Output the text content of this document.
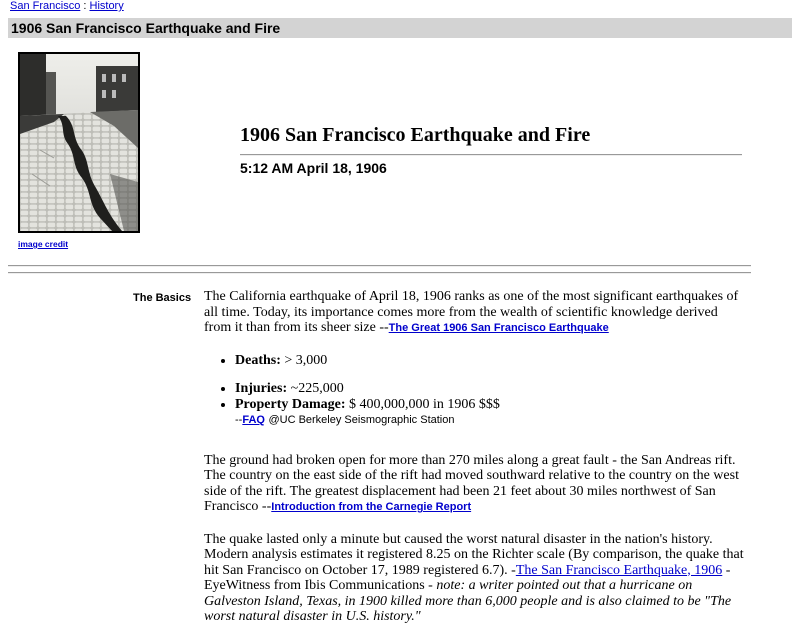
San Francisco : History
1906 San Francisco Earthquake and Fire
image credit
1906 San Francisco Earthquake and Fire
5:12 AM April 18, 1906
The Basics The California earthquake of April 18, 1906 ranks as one of the most significant earthquakes of all time. Today, its importance comes more from the wealth of scientific knowledge derived from it than from its sheer size --The Great 1906 San Francisco Earthquake

• Deaths: > 3,000
• Injuries: ~225,000
• Property Damage: $ 400,000,000 in 1906 $$$
--FAQ @UC Berkeley Seismographic Station

The ground had broken open for more than 270 miles along a great fault - the San Andreas rift. The country on the east side of the rift had moved southward relative to the country on the west side of the rift. The greatest displacement had been 21 feet about 30 miles northwest of San Francisco --Introduction from the Carnegie Report

The quake lasted only a minute but caused the worst natural disaster in the nation's history. Modern analysis estimates it registered 8.25 on the Richter scale (By comparison, the quake that hit San Francisco on October 17, 1989 registered 6.7). -The San Francisco Earthquake, 1906 -EyeWitness from Ibis Communications - note: a writer pointed out that a hurricane on Galveston Island, Texas, in 1900 killed more than 6,000 people and is also claimed to be "The worst natural disaster in U.S. history."
